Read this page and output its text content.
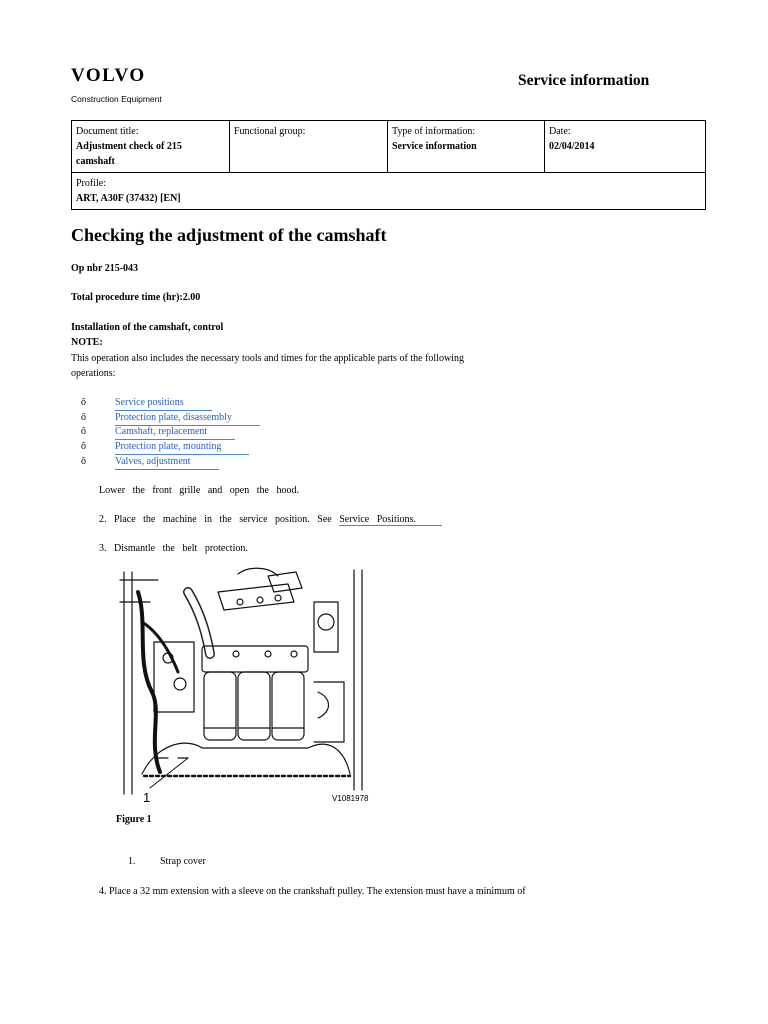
VOLVO
Construction Equipment
Service information
Document title:
Adjustment check of 215
camshaft

Functional group:	Type of information:
Service information

Date:
02/04/2014

Profile:
ART, A30F (37432) [EN]
Checking the adjustment of the camshaft
Op nbr 215-043
Total procedure time (hr):2.00
Installation of the camshaft, control
NOTE:
This operation also includes the necessary tools and times for the applicable parts of the following
operations:
ô	Service positions
ô	Protection plate, disassembly
ô	Camshaft, replacement
ô	Protection plate, mounting
ô	Valves, adjustment
Lower the front grille and open the hood.
2. Place the machine in the service position. See Service Positions.
3. Dismantle the belt protection.
1	V1081978
Figure 1
1. Strap cover
4. Place a 32 mm extension with a sleeve on the crankshaft pulley. The extension must have a minimum of
